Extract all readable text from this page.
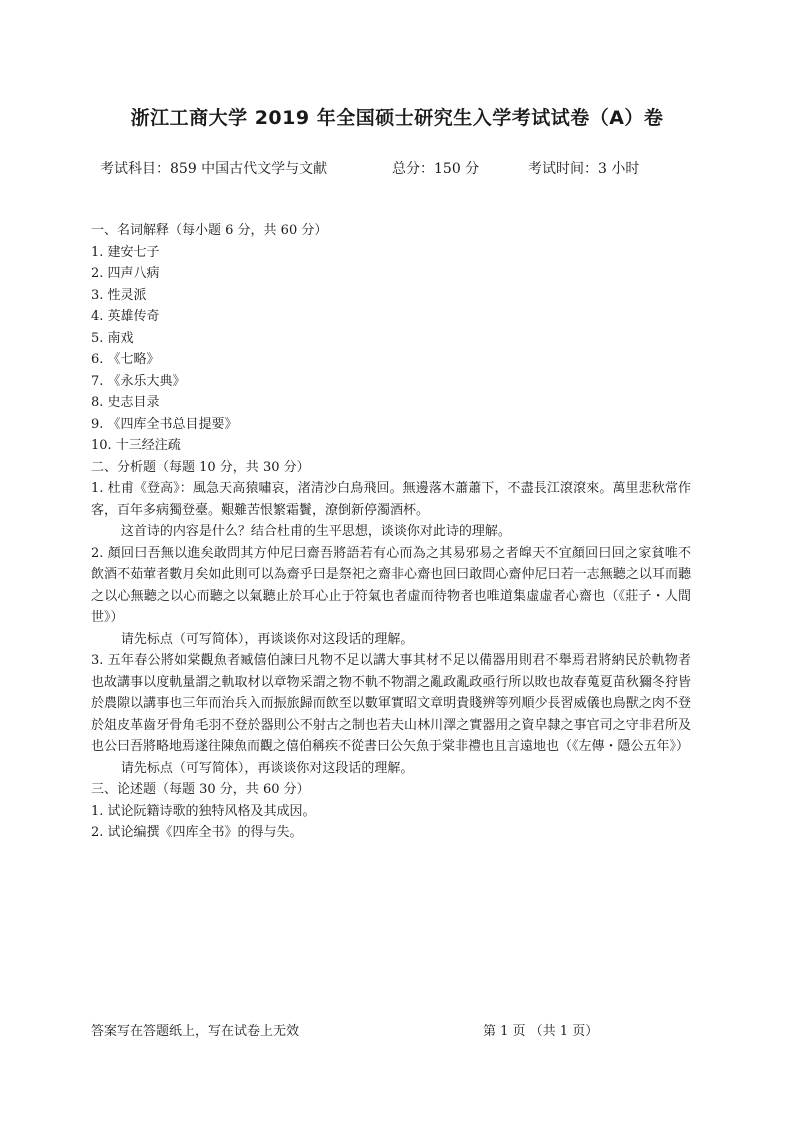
浙江工商大学 2019 年全国硕士研究生入学考试试卷（A）卷
考试科目：859 中国古代文学与文献	总分：150 分	考试时间：3 小时

一、名词解释（每小题 6 分，共 60 分）

1. 建安七子

2. 四声八病

3. 性灵派

4. 英雄传奇

5. 南戏

6. 《七略》

7. 《永乐大典》

8. 史志目录

9. 《四库全书总目提要》

10. 十三经注疏

二、分析题（每题 10 分，共 30 分）

1. 杜甫《登高》：風急天高猿嘯哀，渚清沙白鳥飛回。無邊落木蕭蕭下，不盡長江滾滾來。萬里悲秋常作客，百年多病獨登臺。艱難苦恨繁霜鬢，潦倒新停濁酒杯。

这首诗的内容是什么？结合杜甫的生平思想，谈谈你对此诗的理解。

2. 顏回曰吾無以進矣敢問其方仲尼曰齋吾將語若有心而為之其易邪易之者皡天不宜顏回曰回之家貧唯不飲酒不茹葷者數月矣如此則可以為齋乎曰是祭祀之齋非心齋也回曰敢問心齋仲尼曰若一志無聽之以耳而聽之以心無聽之以心而聽之以氣聽止於耳心止于符氣也者虛而待物者也唯道集虛虛者心齋也（《莊子・人間世》）

请先标点（可写简体），再谈谈你对这段话的理解。

3. 五年春公將如棠觀魚者臧僖伯諫曰凡物不足以講大事其材不足以備器用則君不舉焉君將納民於軌物者也故講事以度軌量謂之軌取材以章物采謂之物不軌不物謂之亂政亂政亟行所以敗也故春蒐夏苗秋獮冬狩皆於農隙以講事也三年而治兵入而振旅歸而飲至以數軍實昭文章明貴賤辨等列順少長習威儀也鳥獸之肉不登於俎皮革齒牙骨角毛羽不登於器則公不射古之制也若夫山林川澤之實器用之資皁隸之事官司之守非君所及也公曰吾將略地焉遂往陳魚而觀之僖伯稱疾不從書曰公矢魚于棠非禮也且言遠地也（《左傳・隱公五年》）

请先标点（可写简体），再谈谈你对这段话的理解。

三、论述题（每题 30 分，共 60 分）

1. 试论阮籍诗歌的独特风格及其成因。

2. 试论编撰《四库全书》的得与失。

答案写在答题纸上，写在试卷上无效	第 1 页 （共 1 页）
